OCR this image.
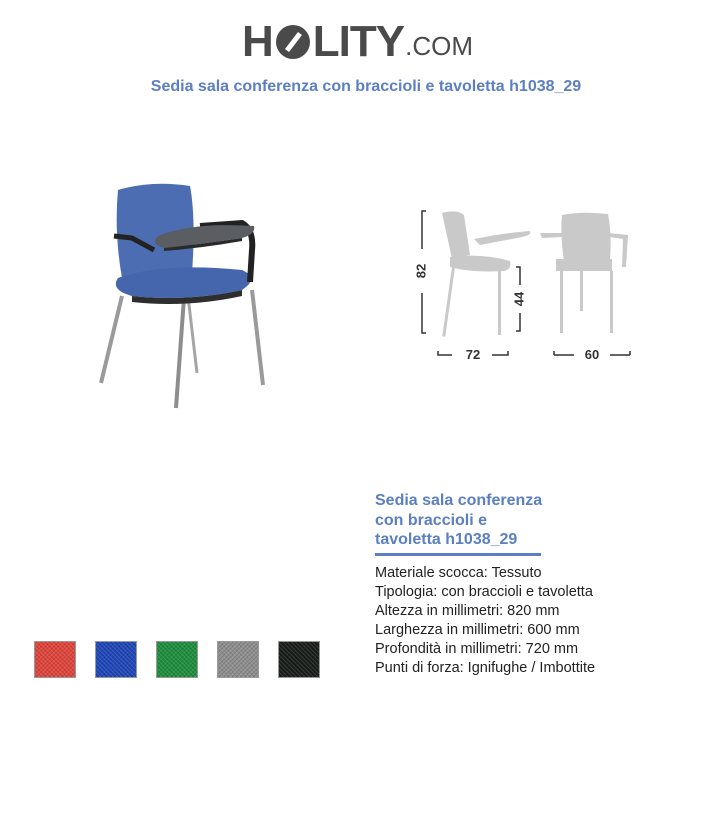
H LITY .COM
Sedia sala conferenza con braccioli e tavoletta h1038_29
82
44
72	60
Sedia sala conferenza
con braccioli e
tavoletta h1038_29
Materiale scocca: Tessuto
Tipologia: con braccioli e tavoletta
Altezza in millimetri: 820 mm
Larghezza in millimetri: 600 mm
Profondità in millimetri: 720 mm
Punti di forza: Ignifughe / Imbottite
